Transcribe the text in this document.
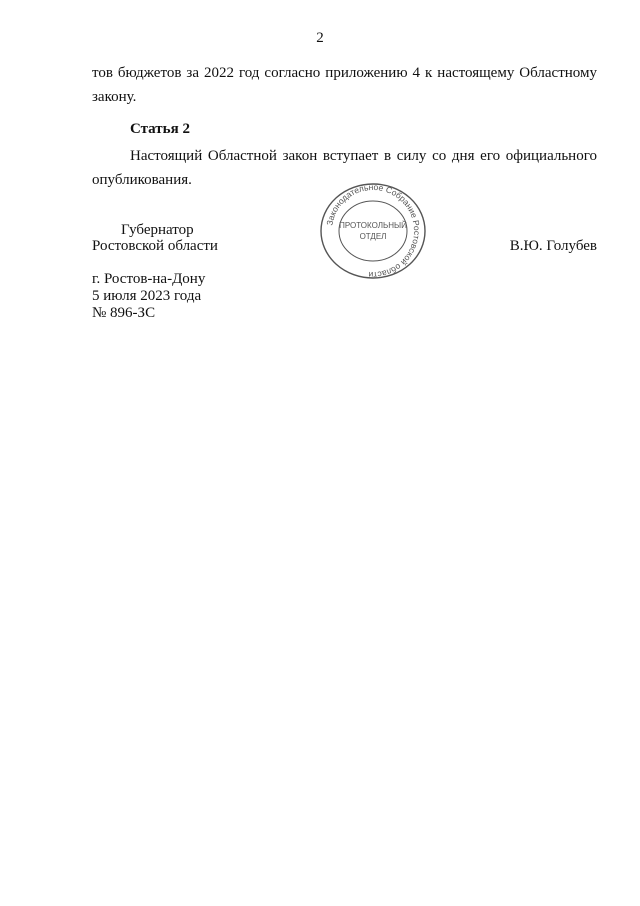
2

тов бюджетов за 2022 год согласно приложению 4 к настоящему Областному
закону.

Статья 2

Настоящий Областной закон вступает в силу со дня его официального
опубликования.

Губернатор
Ростовской области	В.Ю. Голубев
Законодательное Собрание Ростовской области
ПРОТОКОЛЬНЫЙ
ОТДЕЛ
г. Ростов-на-Дону
5 июля 2023 года
№ 896-ЗС
